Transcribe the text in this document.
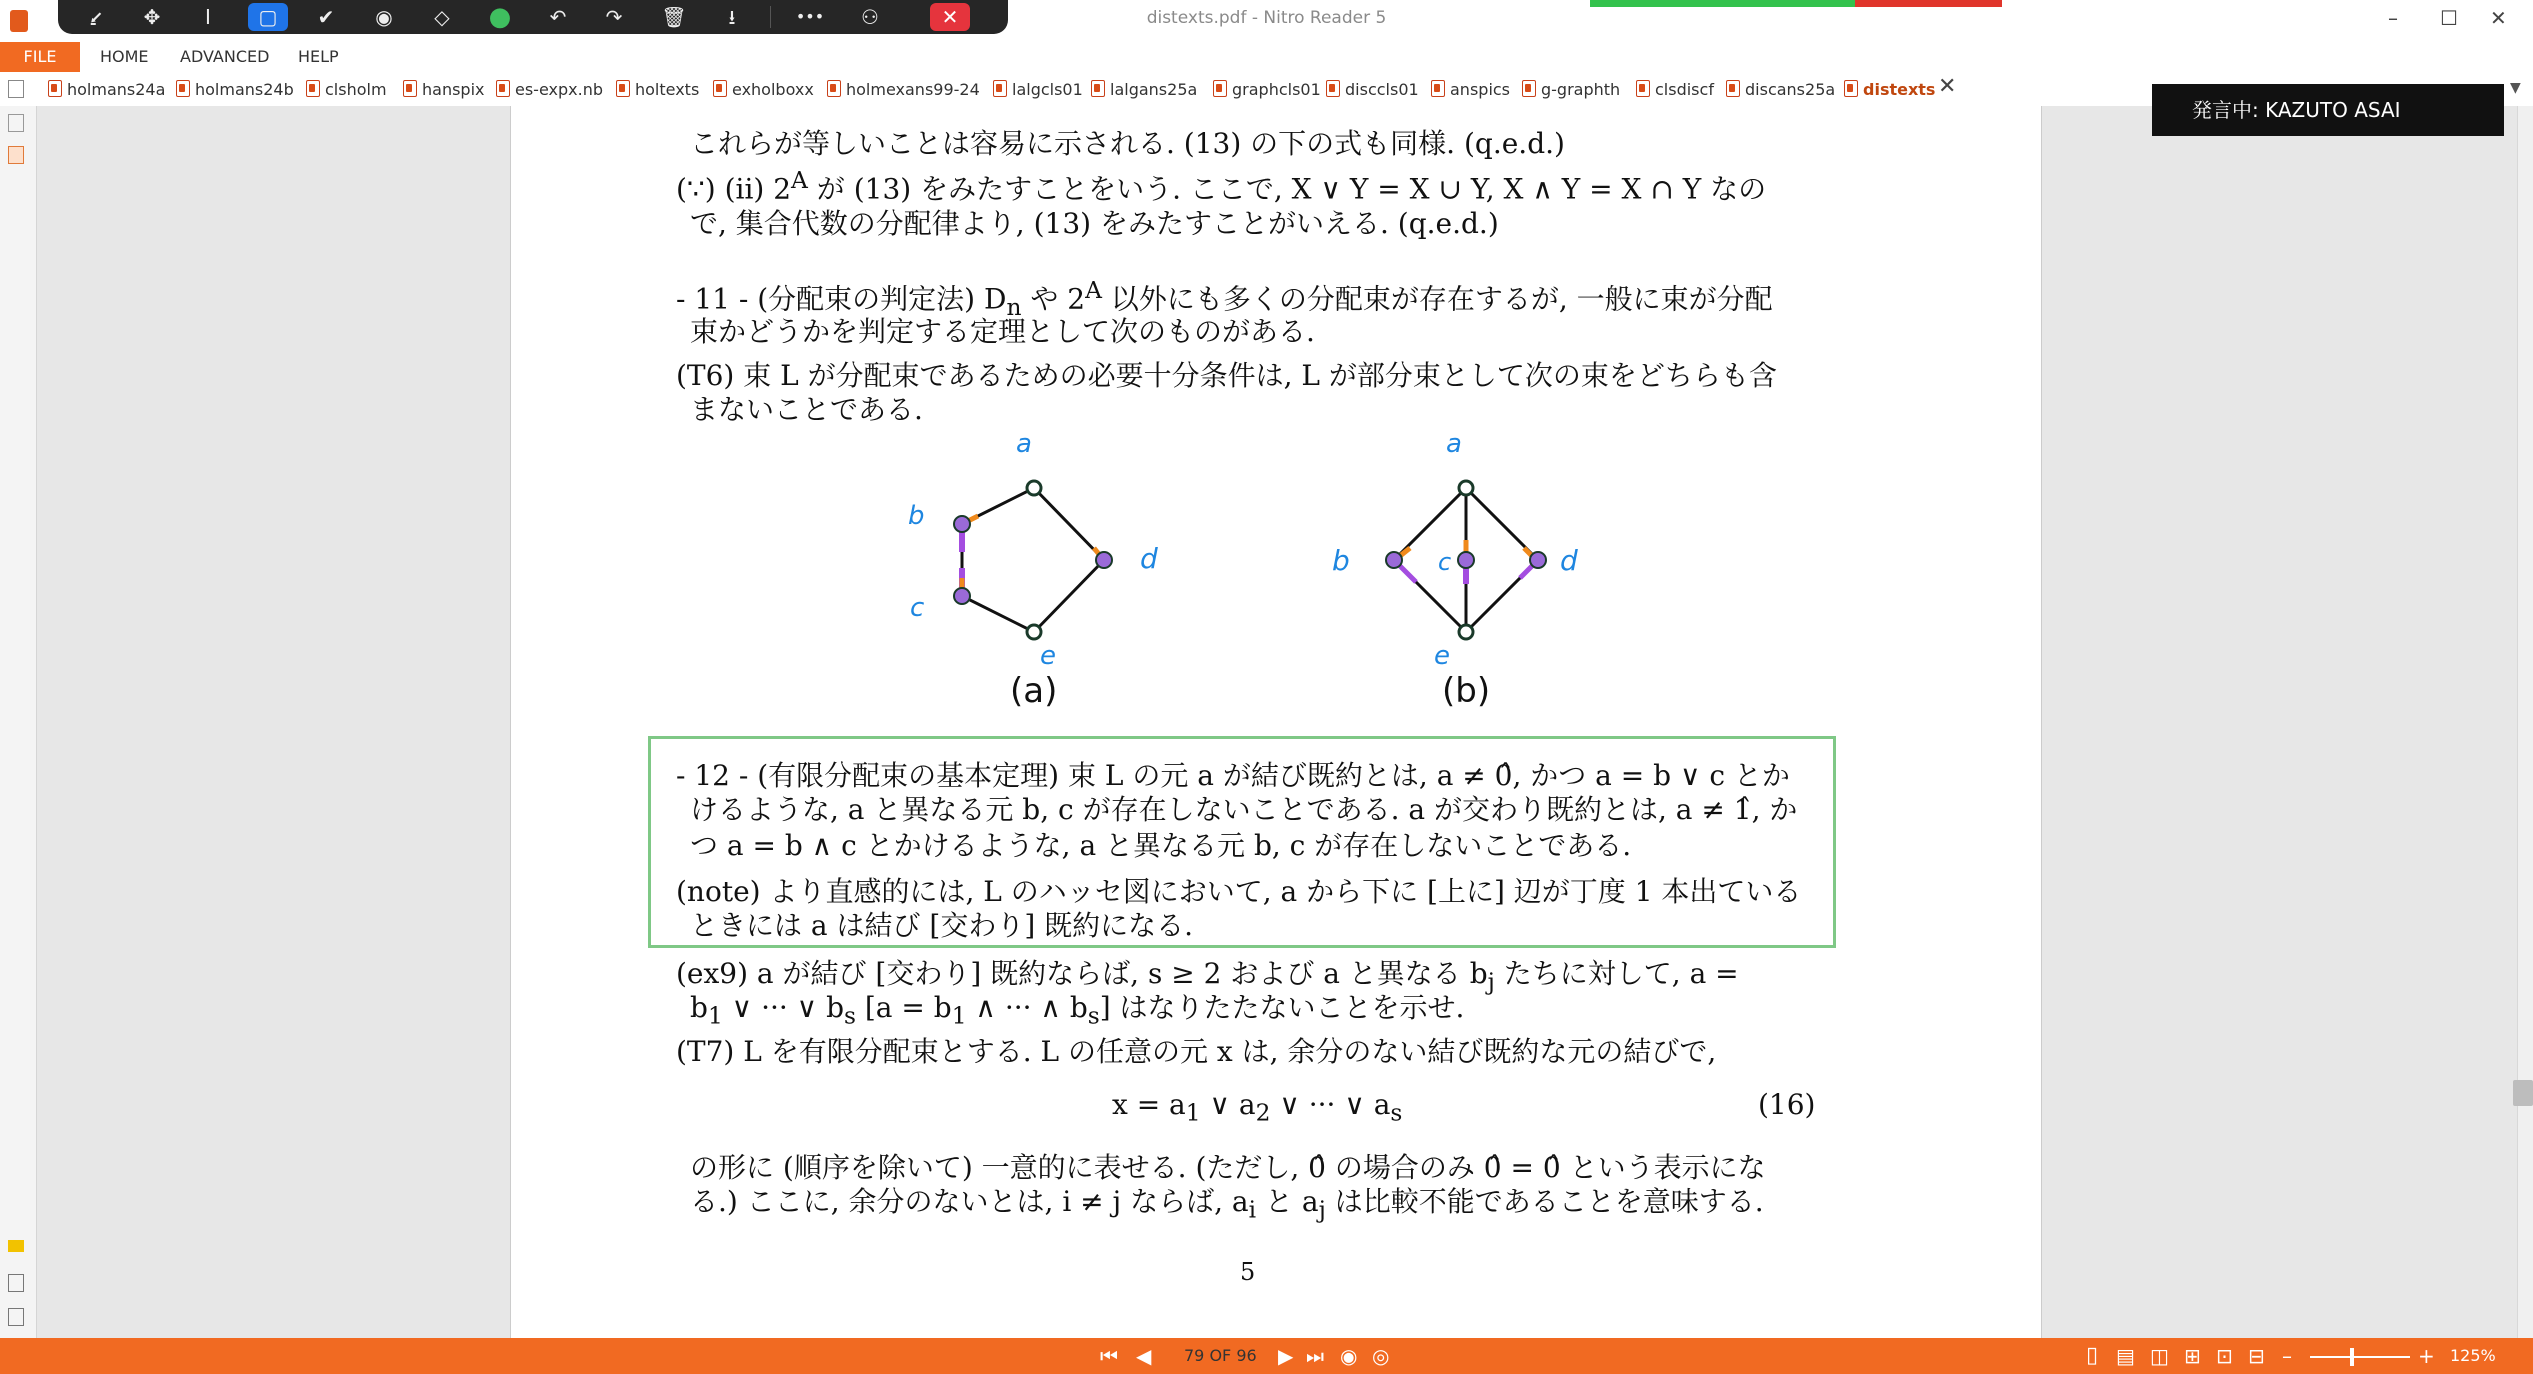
distexts.pdf - Nitro Reader 5	– ☐ ✕
⭹	✥	I	▢	✔	◉	◇	●	↶	↷	🗑	⭳	•••	⚇	✕
FILE	HOME ADVANCED HELP
holmans24a	holmans24b	clsholm	hanspix	es-expx.nb	holtexts	exholboxx	holmexans99-24	lalgcls01	lalgans25a	graphcls01	disccls01	anspics	g-graphth	clsdiscf	discans25a	distexts ✕	▼
これらが等しいことは容易に示される. (13) の下の式も同様. (q.e.d.)
(∵) (ii) $2^A$ が (13) をみたすことをいう. ここで, X ∨ Y = X ∪ Y, X ∧ Y = X ∩ Y なの
で, 集合代数の分配律より, (13) をみたすことがいえる. (q.e.d.)
- 11 - (分配束の判定法) $D_n$ や $2^A$ 以外にも多くの分配束が存在するが, 一般に束が分配
束かどうかを判定する定理として次のものがある.
(T6) 束 L が分配束であるための必要十分条件は, L が部分束として次の束をどちらも含
まないことである.
a
b
c
d
e
(a)
a
b	c	d
e
(b)
- 12 - (有限分配束の基本定理) 束 L の元 a が結び既約とは, a ≠ 0̂, かつ a = b ∨ c とか
けるような, a と異なる元 b, c が存在しないことである. a が交わり既約とは, a ≠ 1̂, か
つ a = b ∧ c とかけるような, a と異なる元 b, c が存在しないことである.
(note) より直感的には, L のハッセ図において, a から下に [上に] 辺が丁度 1 本出ている
ときには a は結び [交わり] 既約になる.
(ex9) a が結び [交わり] 既約ならば, s ≥ 2 および a と異なる $b_j$ たちに対して, a =
$b_1$ ∨ ··· ∨ $b_s$ [$a = b_1$ ∧ ··· ∧ $b_s$] はなりたたないことを示せ.
(T7) L を有限分配束とする. L の任意の元 x は, 余分のない結び既約な元の結びで,
$x = a_1$ ∨ $a_2$ ∨ ··· ∨ $a_s$	(16)
の形に (順序を除いて) 一意的に表せる. (ただし, 0̂ の場合のみ 0̂ = 0̂ という表示にな
る.) ここに, 余分のないとは, i ≠ j ならば, $a_i$ と $a_j$ は比較不能であることを意味する.
5
発言中: KAZUTO ASAI
⏮ ◀ 79 OF 96 ▶ ⏭ ◉ ◎	▯ ▤ ◫ ⊞ ⊡ ⊟ –	+ 125%
